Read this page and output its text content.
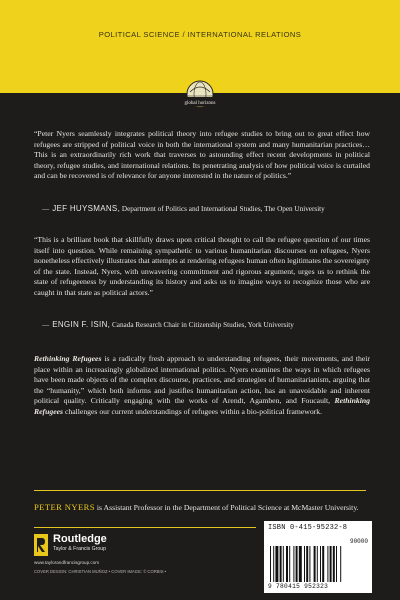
POLITICAL SCIENCE / INTERNATIONAL RELATIONS
global horizons

“Peter Nyers seamlessly integrates political theory into refugee studies to bring out to great effect how refugees are stripped of political voice in both the international system and many humanitarian practices… This is an extraordinarily rich work that traverses to astounding effect recent developments in political theory, refugee studies, and international relations. Its penetrating analysis of how political voice is curtailed and can be recovered is of relevance for anyone interested in the nature of politics.”

— JEF HUYSMANS, Department of Politics and International Studies, The Open University

“This is a brilliant book that skillfully draws upon critical thought to call the refugee question of our times itself into question. While remaining sympathetic to various humanitarian discourses on refugees, Nyers nonetheless effectively illustrates that attempts at rendering refugees human often legitimates the sovereignty of the state. Instead, Nyers, with unwavering commitment and rigorous argument, urges us to rethink the state of refugeeness by understanding its history and asks us to imagine ways to recognize those who are caught in that state as political actors.”

— ENGIN F. ISIN, Canada Research Chair in Citizenship Studies, York University

Rethinking Refugees is a radically fresh approach to understanding refugees, their movements, and their place within an increasingly globalized international politics. Nyers examines the ways in which refugees have been made objects of the complex discourse, practices, and strategies of humanitarianism, arguing that the “humanity,” which both informs and justifies humanitarian action, has an unavoidable and inherent political quality. Critically engaging with the works of Arendt, Agamben, and Foucault, Rethinking Refugees challenges our current understandings of refugees within a bio-political framework.

PETER NYERS is Assistant Professor in the Department of Political Science at McMaster University.

Routledge
Taylor & Francis Group
www.taylorandfrancisgroup.com
COVER DESIGN: CHRISTIAN MUÑOZ • COVER IMAGE: © CORBIS •
ISBN 0-415-95232-8
90000
9 780415 952323
